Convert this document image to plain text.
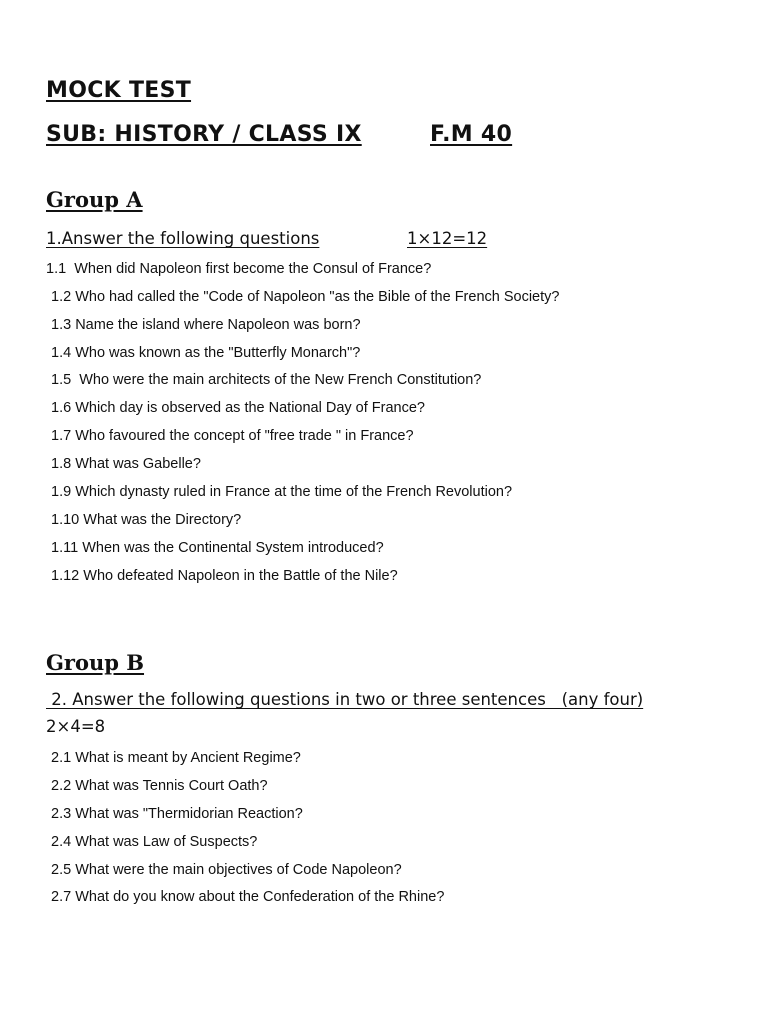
MOCK TEST
SUB: HISTORY / CLASS IX	F.M 40
Group A
1.Answer the following questions	1×12=12
1.1  When did Napoleon first become the Consul of France?
1.2 Who had called the "Code of Napoleon "as the Bible of the French Society?
1.3 Name the island where Napoleon was born?
1.4 Who was known as the "Butterfly Monarch"?
1.5  Who were the main architects of the New French Constitution?
1.6 Which day is observed as the National Day of France?
1.7 Who favoured the concept of "free trade " in France?
1.8 What was Gabelle?
1.9 Which dynasty ruled in France at the time of the French Revolution?
1.10 What was the Directory?
1.11 When was the Continental System introduced?
1.12 Who defeated Napoleon in the Battle of the Nile?
Group B
2. Answer the following questions in two or three sentences   (any four)
2×4=8
2.1 What is meant by Ancient Regime?
2.2 What was Tennis Court Oath?
2.3 What was "Thermidorian Reaction?
2.4 What was Law of Suspects?
2.5 What were the main objectives of Code Napoleon?
2.7 What do you know about the Confederation of the Rhine?
